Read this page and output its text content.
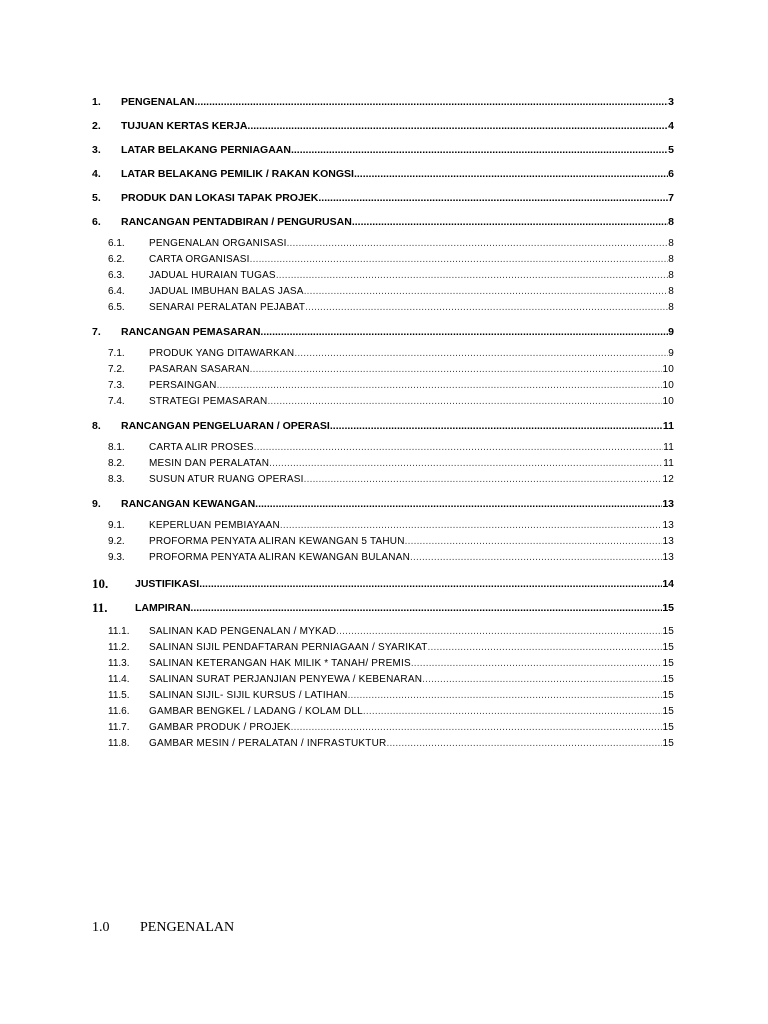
1. PENGENALAN .....	3
2. TUJUAN KERTAS KERJA .....	4
3. LATAR BELAKANG PERNIAGAAN .....	5
4. LATAR BELAKANG PEMILIK / RAKAN KONGSI .....	6
5. PRODUK DAN LOKASI TAPAK PROJEK .....	7
6. RANCANGAN PENTADBIRAN / PENGURUSAN .....	8
6.1. PENGENALAN ORGANISASI .....	8
6.2. CARTA ORGANISASI .....	8
6.3. JADUAL HURAIAN TUGAS .....	8
6.4. JADUAL IMBUHAN BALAS JASA .....	8
6.5. SENARAI PERALATAN PEJABAT .....	8
7. RANCANGAN PEMASARAN .....	9
7.1. PRODUK YANG DITAWARKAN .....	9
7.2. PASARAN SASARAN .....	10
7.3. PERSAINGAN .....	10
7.4. STRATEGI PEMASARAN .....	10
8. RANCANGAN PENGELUARAN / OPERASI .....	11
8.1. CARTA ALIR PROSES .....	11
8.2. MESIN DAN PERALATAN .....	11
8.3. SUSUN ATUR RUANG OPERASI .....	12
9. RANCANGAN KEWANGAN .....	13
9.1. KEPERLUAN PEMBIAYAAN .....	13
9.2. PROFORMA PENYATA ALIRAN KEWANGAN 5 TAHUN .....	13
9.3. PROFORMA PENYATA ALIRAN KEWANGAN BULANAN .....	13
10.	JUSTIFIKASI .....	14
11.	LAMPIRAN .....	15
11.1. SALINAN KAD PENGENALAN / MYKAD .....	15
11.2. SALINAN SIJIL PENDAFTARAN PERNIAGAAN / SYARIKAT .....	15
11.3. SALINAN KETERANGAN HAK MILIK * TANAH/ PREMIS .....	15
11.4. SALINAN SURAT PERJANJIAN PENYEWA / KEBENARAN .....	15
11.5. SALINAN SIJIL- SIJIL KURSUS / LATIHAN .....	15
11.6. GAMBAR BENGKEL / LADANG / KOLAM DLL .....	15
11.7. GAMBAR PRODUK / PROJEK .....	15
11.8. GAMBAR MESIN / PERALATAN / INFRASTUKTUR .....	15
1.0 PENGENALAN
